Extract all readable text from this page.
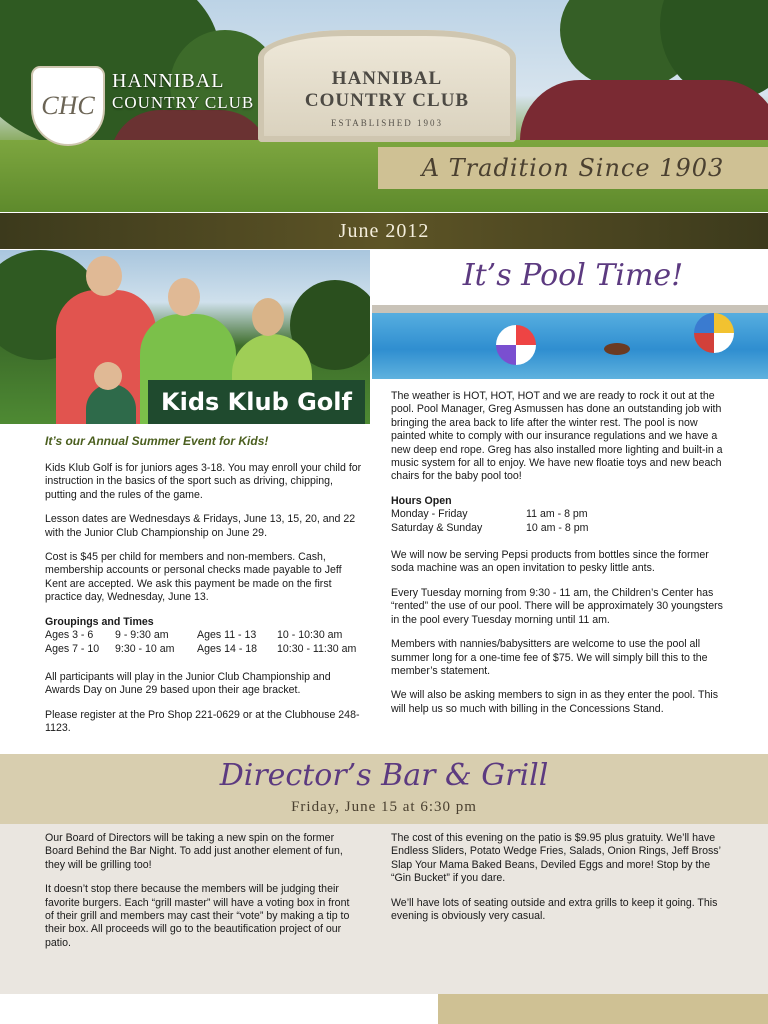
HANNIBAL
COUNTRY CLUB
ESTABLISHED 1903
CHC
HANNIBAL
COUNTRY CLUB
A Tradition Since 1903
June 2012
Kids Klub Golf
It’s Pool Time!
It’s our Annual Summer Event for Kids!

Kids Klub Golf is for juniors ages 3-18. You may enroll your child for instruction in the basics of the sport such as driving, chipping, putting and the rules of the game.

Lesson dates are Wednesdays & Fridays, June 13, 15, 20, and 22 with the Junior Club Championship on June 29.

Cost is $45 per child for members and non-members. Cash, membership accounts or personal checks made payable to Jeff Kent are accepted. We ask this payment be made on the first practice day, Wednesday, June 13.

Groupings and Times
Ages 3 - 6	9 - 9:30 am	Ages 11 - 13	10 - 10:30 am
Ages 7 - 10	9:30 - 10 am	Ages 14 - 18	10:30 - 11:30 am

All participants will play in the Junior Club Championship and Awards Day on June 29 based upon their age bracket.

Please register at the Pro Shop 221-0629 or at the Clubhouse 248-1123.

The weather is HOT, HOT, HOT and we are ready to rock it out at the pool. Pool Manager, Greg Asmussen has done an outstanding job with bringing the area back to life after the winter rest. The pool is now painted white to comply with our insurance regulations and we have a new deep end rope. Greg has also installed more lighting and built-in a music system for all to enjoy. We have new floatie toys and new beach chairs for the baby pool too!

Hours Open
Monday - Friday	11 am - 8 pm
Saturday & Sunday	10 am - 8 pm

We will now be serving Pepsi products from bottles since the former soda machine was an open invitation to pesky little ants.

Every Tuesday morning from 9:30 - 11 am, the Children’s Center has “rented” the use of our pool. There will be approximately 30 youngsters in the pool every Tuesday morning until 11 am.

Members with nannies/babysitters are welcome to use the pool all summer long for a one-time fee of $75. We will simply bill this to the member’s statement.

We will also be asking members to sign in as they enter the pool. This will help us so much with billing in the Concessions Stand.

Director’s Bar & Grill
Friday, June 15 at 6:30 pm

Our Board of Directors will be taking a new spin on the former Board Behind the Bar Night. To add just another element of fun, they will be grilling too!

It doesn’t stop there because the members will be judging their favorite burgers. Each “grill master” will have a voting box in front of their grill and members may cast their “vote” by making a tip to their box. All proceeds will go to the beautification project of our patio.

The cost of this evening on the patio is $9.95 plus gratuity. We’ll have Endless Sliders, Potato Wedge Fries, Salads, Onion Rings, Jeff Bross’ Slap Your Mama Baked Beans, Deviled Eggs and more! Stop by the “Gin Bucket” if you dare.

We’ll have lots of seating outside and extra grills to keep it going. This evening is obviously very casual.
